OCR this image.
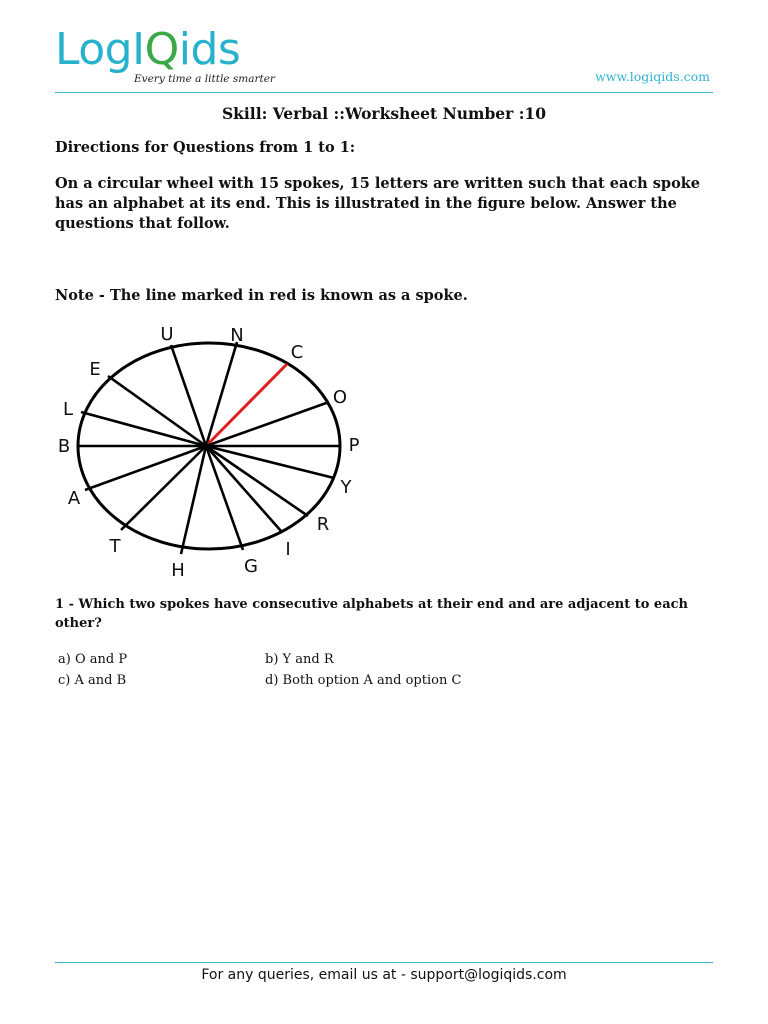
LogIQids
Every time a little smarter	www.logiqids.com
Skill: Verbal ::Worksheet Number :10
Directions for Questions from 1 to 1:
On a circular wheel with 15 spokes, 15 letters are written such that each spoke has an alphabet at its end. This is illustrated in the figure below. Answer the questions that follow.
Note - The line marked in red is known as a spoke.
U	N
C
O
P
Y
R
I
G
H
T
A
B
L
E
1 - Which two spokes have consecutive alphabets at their end and are adjacent to each other?
a) O and P	b) Y and R
c) A and B	d) Both option A and option C
For any queries, email us at - support@logiqids.com
